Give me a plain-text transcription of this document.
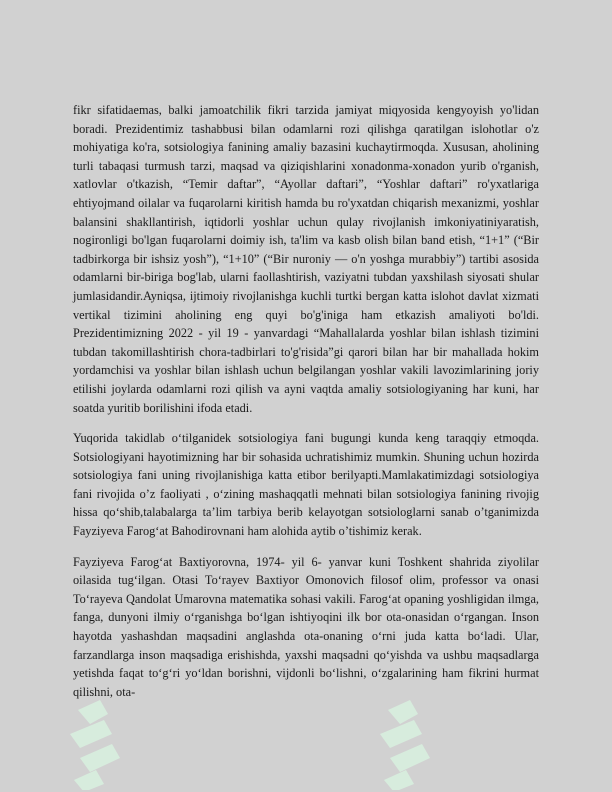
fikr sifatidaemas, balki jamoatchilik fikri tarzida jamiyat miqyosida kengyoyish yo'lidan boradi. Prezidentimiz tashabbusi bilan odamlarni rozi qilishga qaratilgan islohotlar o'z mohiyatiga ko'ra, sotsiologiya fanining amaliy bazasini kuchaytirmoqda. Xususan, aholining turli tabaqasi turmush tarzi, maqsad va qiziqishlarini xonadonma-xonadon yurib o'rganish, xatlovlar o'tkazish, “Temir daftar”, “Ayollar daftari”, “Yoshlar daftari” ro'yxatlariga ehtiyojmand oilalar va fuqarolarni kiritish hamda bu ro'yxatdan chiqarish mexanizmi, yoshlar balansini shakllantirish, iqtidorli yoshlar uchun qulay rivojlanish imkoniyatiniyaratish, nogironligi bo'lgan fuqarolarni doimiy ish, ta'lim va kasb olish bilan band etish, “1+1” (“Bir tadbirkorga bir ishsiz yosh”), “1+10” (“Bir nuroniy — o'n yoshga murabbiy”) tartibi asosida odamlarni bir-biriga bog'lab, ularni faollashtirish, vaziyatni tubdan yaxshilash siyosati shular jumlasidandir.Ayniqsa, ijtimoiy rivojlanishga kuchli turtki bergan katta islohot davlat xizmati vertikal tizimini aholining eng quyi bo'g'iniga ham etkazish amaliyoti bo'ldi. Prezidentimizning 2022 - yil 19 - yanvardagi “Mahallalarda yoshlar bilan ishlash tizimini tubdan takomillashtirish chora-tadbirlari to'g'risida”gi qarori bilan har bir mahallada hokim yordamchisi va yoshlar bilan ishlash uchun belgilangan yoshlar vakili lavozimlarining joriy etilishi joylarda odamlarni rozi qilish va ayni vaqtda amaliy sotsiologiyaning har kuni, har soatda yuritib borilishini ifoda etadi.

Yuqorida takidlab o‘tilganidek sotsiologiya fani bugungi kunda keng taraqqiy etmoqda. Sotsiologiyani hayotimizning har bir sohasida uchratishimiz mumkin. Shuning uchun hozirda sotsiologiya fani uning rivojlanishiga katta etibor berilyapti.Mamlakatimizdagi sotsiologiya fani rivojida o’z faoliyati , o‘zining mashaqqatli mehnati bilan sotsiologiya fanining rivojig hissa qo‘shib,talabalarga ta’lim tarbiya berib kelayotgan sotsiologlarni sanab o’tganimizda Fayziyeva Farog‘at Bahodirovnani ham alohida aytib o’tishimiz kerak.

Fayziyeva Farog‘at Baxtiyorovna, 1974- yil 6- yanvar kuni Toshkent shahrida ziyolilar oilasida tug‘ilgan. Otasi To‘rayev Baxtiyor Omonovich filosof olim, professor va onasi To‘rayeva Qandolat Umarovna matematika sohasi vakili. Farog‘at opaning yoshligidan ilmga, fanga, dunyoni ilmiy o‘rganishga bo‘lgan ishtiyoqini ilk bor ota-onasidan o‘rgangan. Inson hayotda yashashdan maqsadini anglashda ota-onaning o‘rni juda katta bo‘ladi. Ular, farzandlarga inson maqsadiga erishishda, yaxshi maqsadni qo‘yishda va ushbu maqsadlarga yetishda faqat to‘g‘ri yo‘ldan borishni, vijdonli bo‘lishni, o‘zgalarining ham fikrini hurmat qilishni, ota-
